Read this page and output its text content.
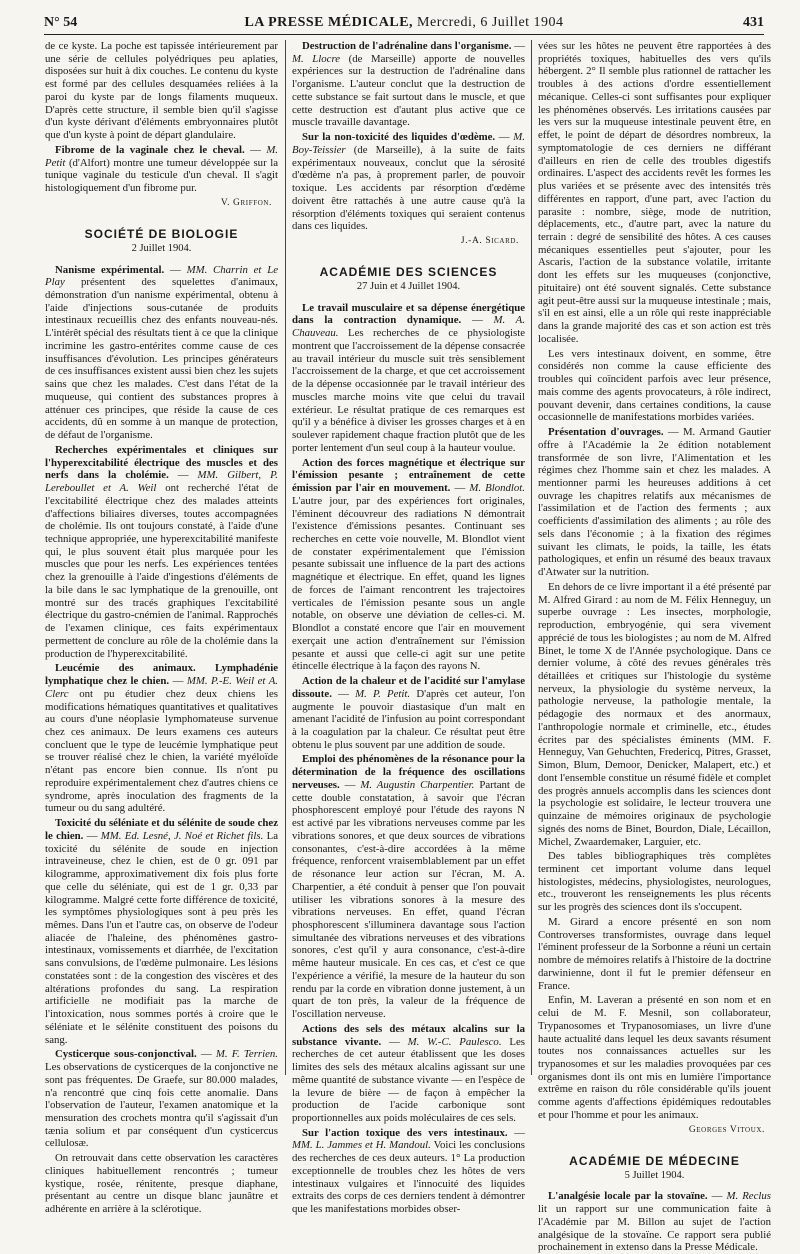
N° 54	LA PRESSE MÉDICALE, Mercredi, 6 Juillet 1904	431

de ce kyste. La poche est tapissée intérieurement par une série de cellules polyédriques peu aplaties, disposées sur huit à dix couches. Le contenu du kyste est formé par des cellules desquamées reliées à la paroi du kyste par de longs filaments muqueux. D'après cette structure, il semble bien qu'il s'agisse d'un kyste dérivant d'éléments embryonnaires plutôt que d'un kyste à point de départ glandulaire.

Fibrome de la vaginale chez le cheval. — M. Petit (d'Alfort) montre une tumeur développée sur la tunique vaginale du testicule d'un cheval. Il s'agit histologiquement d'un fibrome pur.

V. Griffon.
SOCIÉTÉ DE BIOLOGIE
2 Juillet 1904.

Nanisme expérimental. — MM. Charrin et Le Play présentent des squelettes d'animaux, démonstration d'un nanisme expérimental, obtenu à l'aide d'injections sous-cutanée de produits intestinaux recueillis chez des enfants nouveau-nés. L'intérêt spécial des résultats tient à ce que la clinique incrimine les gastro-entérites comme cause de ces insuffisances d'évolution. Les principes générateurs de ces insuffisances existent aussi bien chez les sujets sains que chez les malades. C'est dans l'état de la muqueuse, qui contient des substances propres à atténuer ces principes, que réside la cause de ces accidents, dû en somme à un manque de protection, de défaut de l'organisme.

Recherches expérimentales et cliniques sur l'hyperexcitabilité électrique des muscles et des nerfs dans la cholémie. — MM. Gilbert, P. Lereboullet et A. Weil ont recherché l'état de l'excitabilité électrique chez des malades atteints d'affections biliaires diverses, toutes accompagnées de cholémie. Ils ont toujours constaté, à l'aide d'une technique appropriée, une hyperexcitabilité manifeste qui, le plus souvent était plus marquée pour les muscles que pour les nerfs. Les expériences tentées chez la grenouille à l'aide d'ingestions d'éléments de la bile dans le sac lymphatique de la grenouille, ont montré sur des tracés graphiques l'excitabilité électrique du gastro-cnémien de l'animal. Rapprochés de l'examen clinique, ces faits expérimentaux permettent de conclure au rôle de la cholémie dans la production de l'hyperexcitabilité.

Leucémie des animaux. Lymphadénie lymphatique chez le chien. — MM. P.-E. Weil et A. Clerc ont pu étudier chez deux chiens les modifications hématiques quantitatives et qualitatives au cours d'une néoplasie lymphomateuse survenue chez ces animaux. De leurs examens ces auteurs concluent que le type de leucémie lymphatique peut se trouver réalisé chez le chien, la variété myéloïde n'étant pas encore bien connue. Ils n'ont pu reproduire expérimentalement chez d'autres chiens ce syndrome, après inoculation des fragments de la tumeur ou du sang adultéré.

Toxicité du séléniate et du sélénite de soude chez le chien. — MM. Ed. Lesné, J. Noé et Richet fils. La toxicité du sélénite de soude en injection intraveineuse, chez le chien, est de 0 gr. 091 par kilogramme, approximativement dix fois plus forte que celle du séléniate, qui est de 1 gr. 0,33 par kilogramme. Malgré cette forte différence de toxicité, les symptômes physiologiques sont à peu près les mêmes. Dans l'un et l'autre cas, on observe de l'odeur aliacée de l'haleine, des phénomènes gastro-intestinaux, vomissements et diarrhée, de l'excitation sans convulsions, de l'œdème pulmonaire. Les lésions constatées sont : de la congestion des viscères et des altérations profondes du sang. La respiration artificielle ne modifiait pas la marche de l'intoxication, nous sommes portés à croire que le séléniate et le sélénite constituent des poisons du sang.

Cysticerque sous-conjonctival. — M. F. Terrien. Les observations de cysticerques de la conjonctive ne sont pas fréquentes. De Graefe, sur 80.000 malades, n'a rencontré que cinq fois cette anomalie. Dans l'observation de l'auteur, l'examen anatomique et la mensuration des crochets montra qu'il s'agissait d'un tænia solium et par conséquent d'un cysticercus cellulosæ.

On retrouvait dans cette observation les caractères cliniques habituellement rencontrés ; tumeur kystique, rosée, rénitente, presque diaphane, présentant au centre un disque blanc jaunâtre et adhérente en arrière à la sclérotique.

Destruction de l'adrénaline dans l'organisme. — M. Llocre (de Marseille) apporte de nouvelles expériences sur la destruction de l'adrénaline dans l'organisme. L'auteur conclut que la destruction de cette substance se fait surtout dans le muscle, et que cette destruction est d'autant plus active que ce muscle travaille davantage.

Sur la non-toxicité des liquides d'œdème. — M. Boy-Teissier (de Marseille), à la suite de faits expérimentaux nouveaux, conclut que la sérosité d'œdème n'a pas, à proprement parler, de pouvoir toxique. Les accidents par résorption d'œdème doivent être rattachés à une autre cause qu'à la résorption d'éléments toxiques qui seraient contenus dans ces liquides.

J.-A. Sicard.
ACADÉMIE DES SCIENCES
27 Juin et 4 Juillet 1904.

Le travail musculaire et sa dépense énergétique dans la contraction dynamique. — M. A. Chauveau. Les recherches de ce physiologiste montrent que l'accroissement de la dépense consacrée au travail intérieur du muscle suit très sensiblement l'accroissement de la charge, et que cet accroissement de la dépense occasionnée par le travail intérieur des muscles marche moins vite que celui du travail extérieur. Le résultat pratique de ces remarques est qu'il y a bénéfice à diviser les grosses charges et à en soulever rapidement chaque fraction plutôt que de les porter lentement d'un seul coup à la hauteur voulue.

Action des forces magnétique et électrique sur l'émission pesante ; entraînement de cette émission par l'air en mouvement. — M. Blondlot. L'autre jour, par des expériences fort originales, l'éminent découvreur des radiations N démontrait l'existence d'émissions pesantes. Continuant ses recherches en cette voie nouvelle, M. Blondlot vient de constater expérimentalement que l'émission pesante subissait une influence de la part des actions magnétique et électrique. En effet, quand les lignes de forces de l'aimant rencontrent les trajectoires verticales de l'émission pesante sous un angle notable, on observe une déviation de celles-ci. M. Blondlot a constaté encore que l'air en mouvement exerçait une action d'entraînement sur l'émission pesante et aussi que celle-ci agit sur une petite étincelle électrique à la façon des rayons N.

Action de la chaleur et de l'acidité sur l'amylase dissoute. — M. P. Petit. D'après cet auteur, l'on augmente le pouvoir diastasique d'un malt en amenant l'acidité de l'infusion au point correspondant à la coagulation par la chaleur. Ce résultat peut être obtenu le plus souvent par une addition de soude.

Emploi des phénomènes de la résonance pour la détermination de la fréquence des oscillations nerveuses. — M. Augustin Charpentier. Partant de cette double constatation, à savoir que l'écran phosphorescent employé pour l'étude des rayons N est activé par les vibrations nerveuses comme par les vibrations sonores, et que deux sources de vibrations consonantes, c'est-à-dire accordées à la même fréquence, renforcent vraisemblablement par un effet de résonance leur action sur l'écran, M. A. Charpentier, a été conduit à penser que l'on pouvait utiliser les vibrations sonores à la mesure des vibrations nerveuses. En effet, quand l'écran phosphorescent s'illuminera davantage sous l'action simultanée des vibrations nerveuses et des vibrations sonores, c'est qu'il y aura consonance, c'est-à-dire même hauteur musicale. En ces cas, et c'est ce que l'expérience a vérifié, la mesure de la hauteur du son rendu par la corde en vibration donne justement, à un quart de ton près, la valeur de la fréquence de l'oscillation nerveuse.

Actions des sels des métaux alcalins sur la substance vivante. — M. W.-C. Paulesco. Les recherches de cet auteur établissent que les doses limites des sels des métaux alcalins agissant sur une même quantité de substance vivante — en l'espèce de la levure de bière — de façon à empêcher la production de l'acide carbonique sont proportionnelles aux poids moléculaires de ces sels.

Sur l'action toxique des vers intestinaux. — MM. L. Jammes et H. Mandoul. Voici les conclusions des recherches de ces deux auteurs. 1° La production exceptionnelle de troubles chez les hôtes de vers intestinaux vulgaires et l'innocuité des liquides extraits des corps de ces derniers tendent à démontrer que les manifestations morbides obser-

vées sur les hôtes ne peuvent être rapportées à des propriétés toxiques, habituelles des vers qu'ils hébergent. 2° Il semble plus rationnel de rattacher les troubles à des actions d'ordre essentiellement mécanique. Celles-ci sont suffisantes pour expliquer les phénomènes observés. Les irritations causées par les vers sur la muqueuse intestinale peuvent être, en effet, le point de départ de désordres nombreux, la symptomatologie de ces derniers ne différant d'ailleurs en rien de celle des troubles digestifs ordinaires. L'aspect des accidents revêt les formes les plus variées et se présente avec des intensités très différentes en rapport, d'une part, avec l'action du parasite : nombre, siège, mode de nutrition, déplacements, etc., d'autre part, avec la nature du terrain : degré de sensibilité des hôtes. A ces causes mécaniques essentielles peut s'ajouter, pour les Ascaris, l'action de la substance volatile, irritante dont les effets sur les muqueuses (conjonctive, pituitaire) ont été souvent signalés. Cette substance agit peut-être aussi sur la muqueuse intestinale ; mais, s'il en est ainsi, elle a un rôle qui reste inappréciable dans la grande majorité des cas et son action est très localisée.

Les vers intestinaux doivent, en somme, être considérés non comme la cause efficiente des troubles qui coïncident parfois avec leur présence, mais comme des agents provocateurs, à rôle indirect, pouvant devenir, dans certaines conditions, la cause occasionnelle de manifestations morbides variées.

Présentation d'ouvrages. — M. Armand Gautier offre à l'Académie la 2e édition notablement transformée de son livre, l'Alimentation et les régimes chez l'homme sain et chez les malades. A mentionner parmi les heureuses additions à cet ouvrage les chapitres relatifs aux mécanismes de l'assimilation et de l'action des ferments ; aux coefficients d'assimilation des aliments ; au rôle des sels dans l'économie ; à la fixation des régimes suivant les climats, le poids, la taille, les états pathologiques, et enfin un résumé des beaux travaux d'Atwater sur la nutrition.

En dehors de ce livre important il a été présenté par M. Alfred Girard : au nom de M. Félix Henneguy, un superbe ouvrage : Les insectes, morphologie, reproduction, embryogénie, qui sera vivement apprécié de tous les biologistes ; au nom de M. Alfred Binet, le tome X de l'Année psychologique. Dans ce dernier volume, à côté des revues générales très détaillées et critiques sur l'histologie du système nerveux, la physiologie du système nerveux, la pathologie nerveuse, la pathologie mentale, la pédagogie des normaux et des anormaux, l'anthropologie normale et criminelle, etc., études écrites par des spécialistes éminents (MM. F. Henneguy, Van Gehuchten, Fredericq, Pitres, Grasset, Simon, Blum, Demoor, Denicker, Malapert, etc.) et dont l'ensemble constitue un résumé fidèle et complet des progrès annuels accomplis dans les sciences dont la psychologie est solidaire, le lecteur trouvera une quinzaine de mémoires originaux de psychologie signés des noms de Binet, Bourdon, Diale, Lécaillon, Michel, Zwaardemaker, Larguier, etc.

Des tables bibliographiques très complètes terminent cet important volume dans lequel histologistes, médecins, physiologistes, neurologues, etc., trouveront les renseignements les plus récents sur les progrès des sciences dont ils s'occupent.

M. Girard a encore présenté en son nom Controverses transformistes, ouvrage dans lequel l'éminent professeur de la Sorbonne a réuni un certain nombre de mémoires relatifs à l'histoire de la doctrine darwinienne, dont il fut le premier défenseur en France.

Enfin, M. Laveran a présenté en son nom et en celui de M. F. Mesnil, son collaborateur, Trypanosomes et Trypanosomiases, un livre d'une haute actualité dans lequel les deux savants résument toutes nos connaissances actuelles sur les trypanosomes et sur les maladies provoquées par ces organismes dont ils ont mis en lumière l'importance extrême en raison du rôle considérable qu'ils jouent comme agents d'affections épidémiques redoutables et pour l'homme et pour les animaux.

Georges Vitoux.
ACADÉMIE DE MÉDECINE
5 Juillet 1904.

L'analgésie locale par la stovaïne. — M. Reclus lit un rapport sur une communication faite à l'Académie par M. Billon au sujet de l'action analgésique de la stovaïne. Ce rapport sera publié prochainement in extenso dans la Presse Médicale.
